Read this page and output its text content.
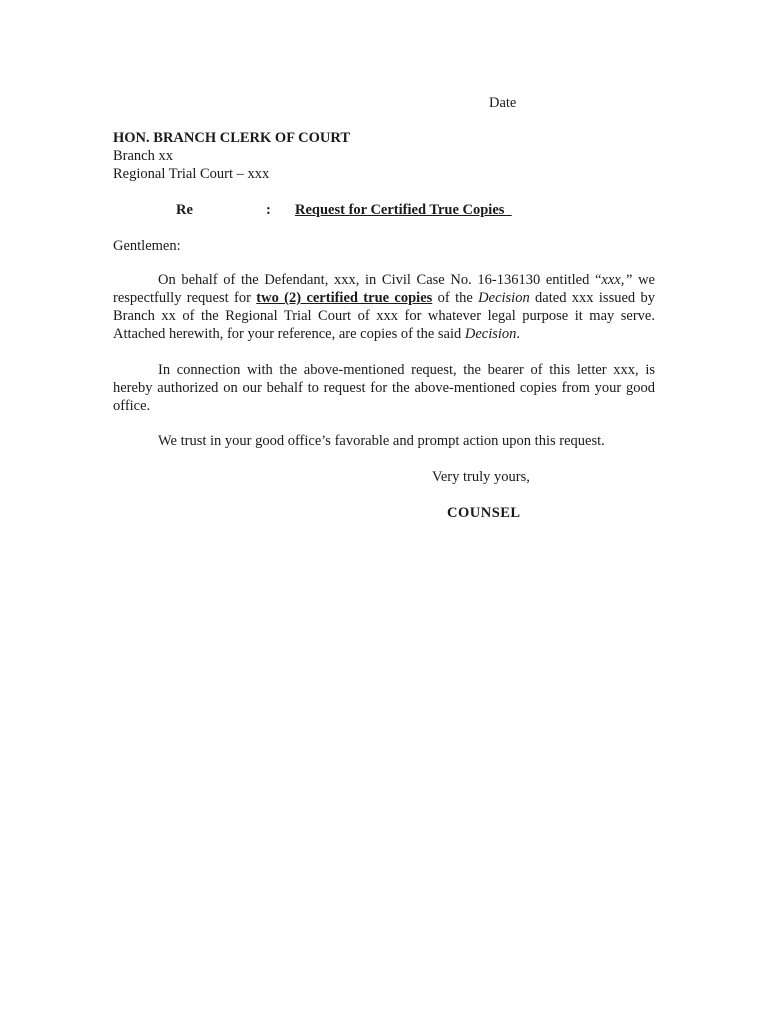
Date
HON. BRANCH CLERK OF COURT
Branch xx
Regional Trial Court – xxx
Re	: Request for Certified True Copies
Gentlemen:

On behalf of the Defendant, xxx, in Civil Case No. 16-136130 entitled “xxx,” we respectfully request for two (2) certified true copies of the Decision dated xxx issued by Branch xx of the Regional Trial Court of xxx for whatever legal purpose it may serve. Attached herewith, for your reference, are copies of the said Decision.

In connection with the above-mentioned request, the bearer of this letter xxx, is hereby authorized on our behalf to request for the above-mentioned copies from your good office.

We trust in your good office’s favorable and prompt action upon this request.

Very truly yours,
COUNSEL
